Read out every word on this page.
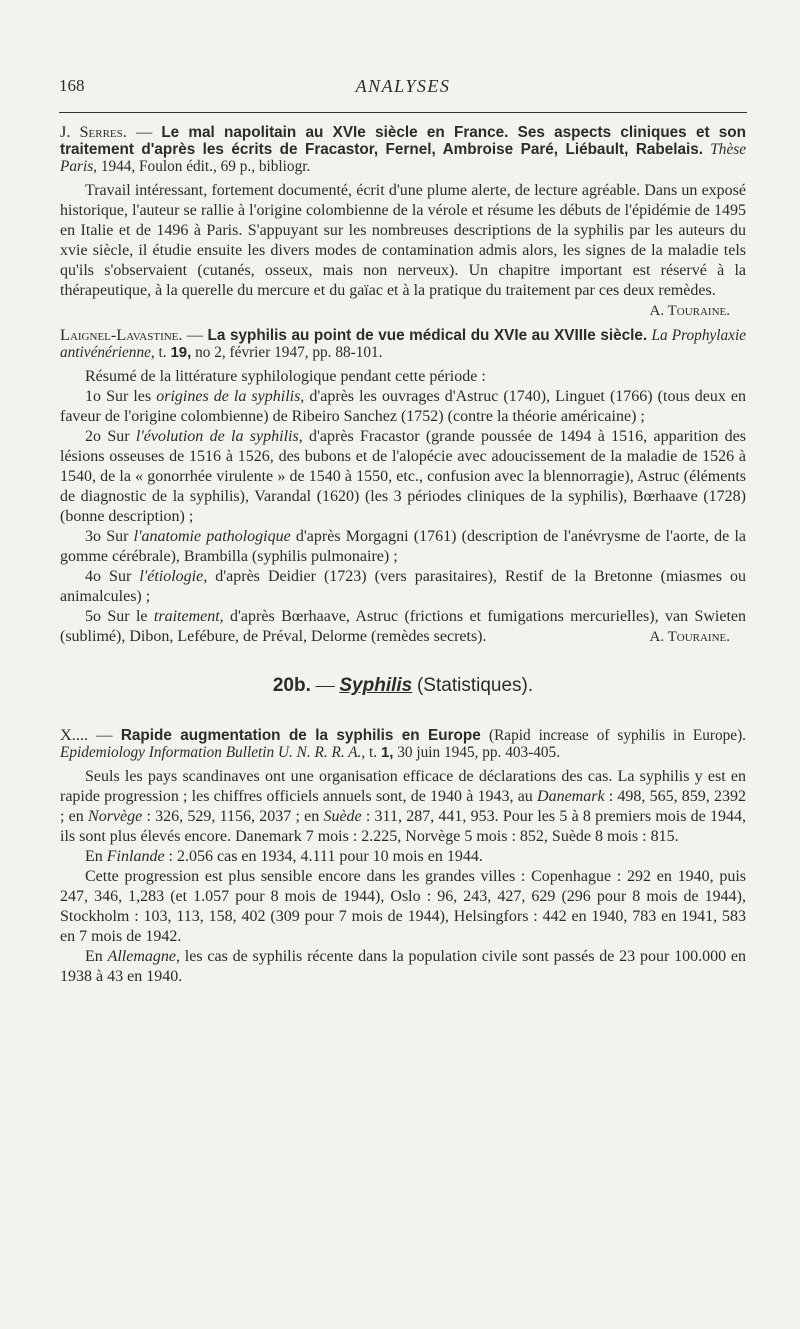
168	ANALYSES
J. Serres. — Le mal napolitain au XVIe siècle en France. Ses aspects cliniques et son traitement d'après les écrits de Fracastor, Fernel, Ambroise Paré, Liébault, Rabelais. Thèse Paris, 1944, Foulon édit., 69 p., bibliogr.

Travail intéressant, fortement documenté, écrit d'une plume alerte, de lecture agréable. Dans un exposé historique, l'auteur se rallie à l'origine colombienne de la vérole et résume les débuts de l'épidémie de 1495 en Italie et de 1496 à Paris. S'appuyant sur les nombreuses descriptions de la syphilis par les auteurs du xvie siècle, il étudie ensuite les divers modes de contamination admis alors, les signes de la maladie tels qu'ils s'observaient (cutanés, osseux, mais non nerveux). Un chapitre important est réservé à la thérapeutique, à la querelle du mercure et du gaïac et à la pratique du traitement par ces deux remèdes.

A. Touraine.
Laignel-Lavastine. — La syphilis au point de vue médical du XVIe au XVIIIe siècle. La Prophylaxie antivénérienne, t. 19, no 2, février 1947, pp. 88-101.

Résumé de la littérature syphilologique pendant cette période :

1o Sur les origines de la syphilis, d'après les ouvrages d'Astruc (1740), Linguet (1766) (tous deux en faveur de l'origine colombienne) de Ribeiro Sanchez (1752) (contre la théorie américaine) ;

2o Sur l'évolution de la syphilis, d'après Fracastor (grande poussée de 1494 à 1516, apparition des lésions osseuses de 1516 à 1526, des bubons et de l'alopécie avec adoucissement de la maladie de 1526 à 1540, de la « gonorrhée virulente » de 1540 à 1550, etc., confusion avec la blennorragie), Astruc (éléments de diagnostic de la syphilis), Varandal (1620) (les 3 périodes cliniques de la syphilis), Bœrhaave (1728) (bonne description) ;

3o Sur l'anatomie pathologique d'après Morgagni (1761) (description de l'anévrysme de l'aorte, de la gomme cérébrale), Brambilla (syphilis pulmonaire) ;

4o Sur l'étiologie, d'après Deidier (1723) (vers parasitaires), Restif de la Bretonne (miasmes ou animalcules) ;

5o Sur le traitement, d'après Bœrhaave, Astruc (frictions et fumigations mercurielles), van Swieten (sublimé), Dibon, Lefébure, de Préval, Delorme (remèdes secrets).	A. Touraine.
20b. — Syphilis (Statistiques).
X.... — Rapide augmentation de la syphilis en Europe (Rapid increase of syphilis in Europe). Epidemiology Information Bulletin U. N. R. R. A., t. 1, 30 juin 1945, pp. 403-405.

Seuls les pays scandinaves ont une organisation efficace de déclarations des cas. La syphilis y est en rapide progression ; les chiffres officiels annuels sont, de 1940 à 1943, au Danemark : 498, 565, 859, 2392 ; en Norvège : 326, 529, 1156, 2037 ; en Suède : 311, 287, 441, 953. Pour les 5 à 8 premiers mois de 1944, ils sont plus élevés encore. Danemark 7 mois : 2.225, Norvège 5 mois : 852, Suède 8 mois : 815.

En Finlande : 2.056 cas en 1934, 4.111 pour 10 mois en 1944.

Cette progression est plus sensible encore dans les grandes villes : Copenhague : 292 en 1940, puis 247, 346, 1,283 (et 1.057 pour 8 mois de 1944), Oslo : 96, 243, 427, 629 (296 pour 8 mois de 1944), Stockholm : 103, 113, 158, 402 (309 pour 7 mois de 1944), Helsingfors : 442 en 1940, 783 en 1941, 583 en 7 mois de 1942.

En Allemagne, les cas de syphilis récente dans la population civile sont passés de 23 pour 100.000 en 1938 à 43 en 1940.
